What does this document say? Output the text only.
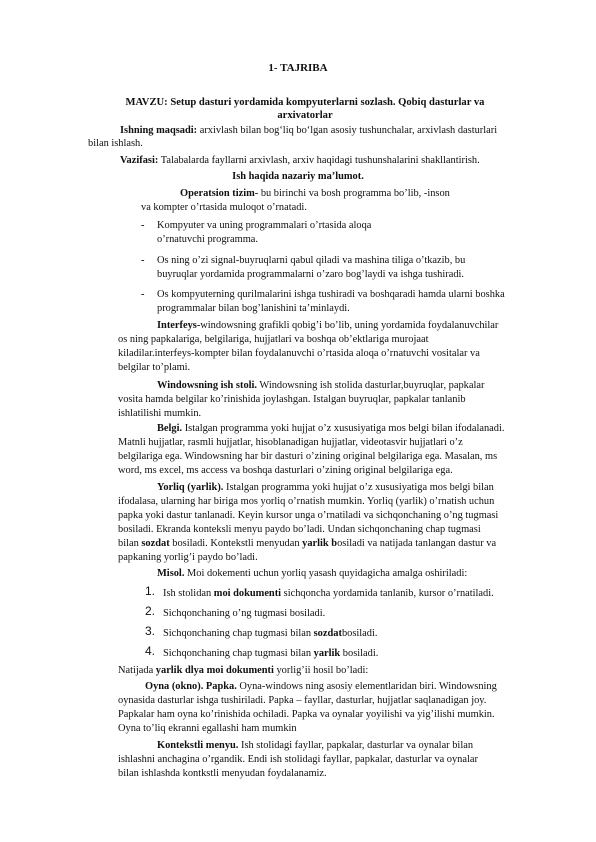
1- TAJRIBA
MAVZU: Setup dasturi yordamida kompyuterlarni sozlash. Qobiq dasturlar va arxivatorlar
Ishning maqsadi: arxivlash bilan bog‘liq bo‘lgan asosiy tushunchalar, arxivlash dasturlari
bilan ishlash.
Vazifasi: Talabalarda fayllarni arxivlash, arxiv haqidagi tushunshalarini shakllantirish.
Ish haqida nazariy ma’lumot.
Operatsion tizim- bu birinchi va bosh programma bo’lib, -inson
va kompter o’rtasida muloqot o’rnatadi.
- Kompyuter va uning programmalari o’rtasida aloqa
o’rnatuvchi programma.
- Os ning o’zi signal-buyruqlarni qabul qiladi va mashina tiliga o’tkazib, bu
buyruqlar yordamida programmalarni o’zaro bog’laydi va ishga tushiradi.
- Os kompyuterning qurilmalarini ishga tushiradi va boshqaradi hamda ularni boshka
programmalar bilan bog’lanishini ta’minlaydi.
Interfeys-windowsning grafikli qobig’i bo’lib, uning yordamida foydalanuvchilar
os ning papkalariga, belgilariga, hujjatlari va boshqa ob’ektlariga murojaat
kiladilar.interfeys-kompter bilan foydalanuvchi o’rtasida aloqa o’rnatuvchi vositalar va
belgilar to’plami.
Windowsning ish stoli. Windowsning ish stolida dasturlar,buyruqlar, papkalar
vosita hamda belgilar ko’rinishida joylashgan. Istalgan buyruqlar, papkalar tanlanib
ishlatilishi mumkin.
Belgi. Istalgan programma yoki hujjat o’z xususiyatiga mos belgi bilan ifodalanadi.
Matnli hujjatlar, rasmli hujjatlar, hisoblanadigan hujjatlar, videotasvir hujjatlari o’z
belgilariga ega. Windowsning har bir dasturi o’zining original belgilariga ega. Masalan, ms
word, ms excel, ms access va boshqa dasturlari o’zining original belgilariga ega.
Yorliq (yarlik). Istalgan programma yoki hujjat o’z xususiyatiga mos belgi bilan
ifodalasa, ularning har biriga mos yorliq o’rnatish mumkin. Yorliq (yarlik) o’rnatish uchun
papka yoki dastur tanlanadi. Keyin kursor unga o’rnatiladi va sichqonchaning o’ng tugmasi
bosiladi. Ekranda konteksli menyu paydo bo’ladi. Undan sichqonchaning chap tugmasi
bilan sozdat bosiladi. Kontekstli menyudan yarlik bosiladi va natijada tanlangan dastur va
papkaning yorlig’i paydo bo’ladi.
Misol. Moi dokementi uchun yorliq yasash quyidagicha amalga oshiriladi:
1. Ish stolidan moi dokumenti sichqoncha yordamida tanlanib, kursor o’rnatiladi.
2. Sichqonchaning o’ng tugmasi bosiladi.
3. Sichqonchaning chap tugmasi bilan sozdatbosiladi.
4. Sichqonchaning chap tugmasi bilan yarlik bosiladi.
Natijada yarlik dlya moi dokumenti yorlig’ii hosil bo’ladi:
Oyna (okno). Papka. Oyna-windows ning asosiy elementlaridan biri. Windowsning
oynasida dasturlar ishga tushiriladi. Papka – fayllar, dasturlar, hujjatlar saqlanadigan joy.
Papkalar ham oyna ko’rinishida ochiladi. Papka va oynalar yoyilishi va yig’ilishi mumkin.
Oyna to’liq ekranni egallashi ham mumkin
Kontekstli menyu. Ish stolidagi fayllar, papkalar, dasturlar va oynalar bilan
ishlashni anchagina o’rgandik. Endi ish stolidagi fayllar, papkalar, dasturlar va oynalar
bilan ishlashda kontkstli menyudan foydalanamiz.
